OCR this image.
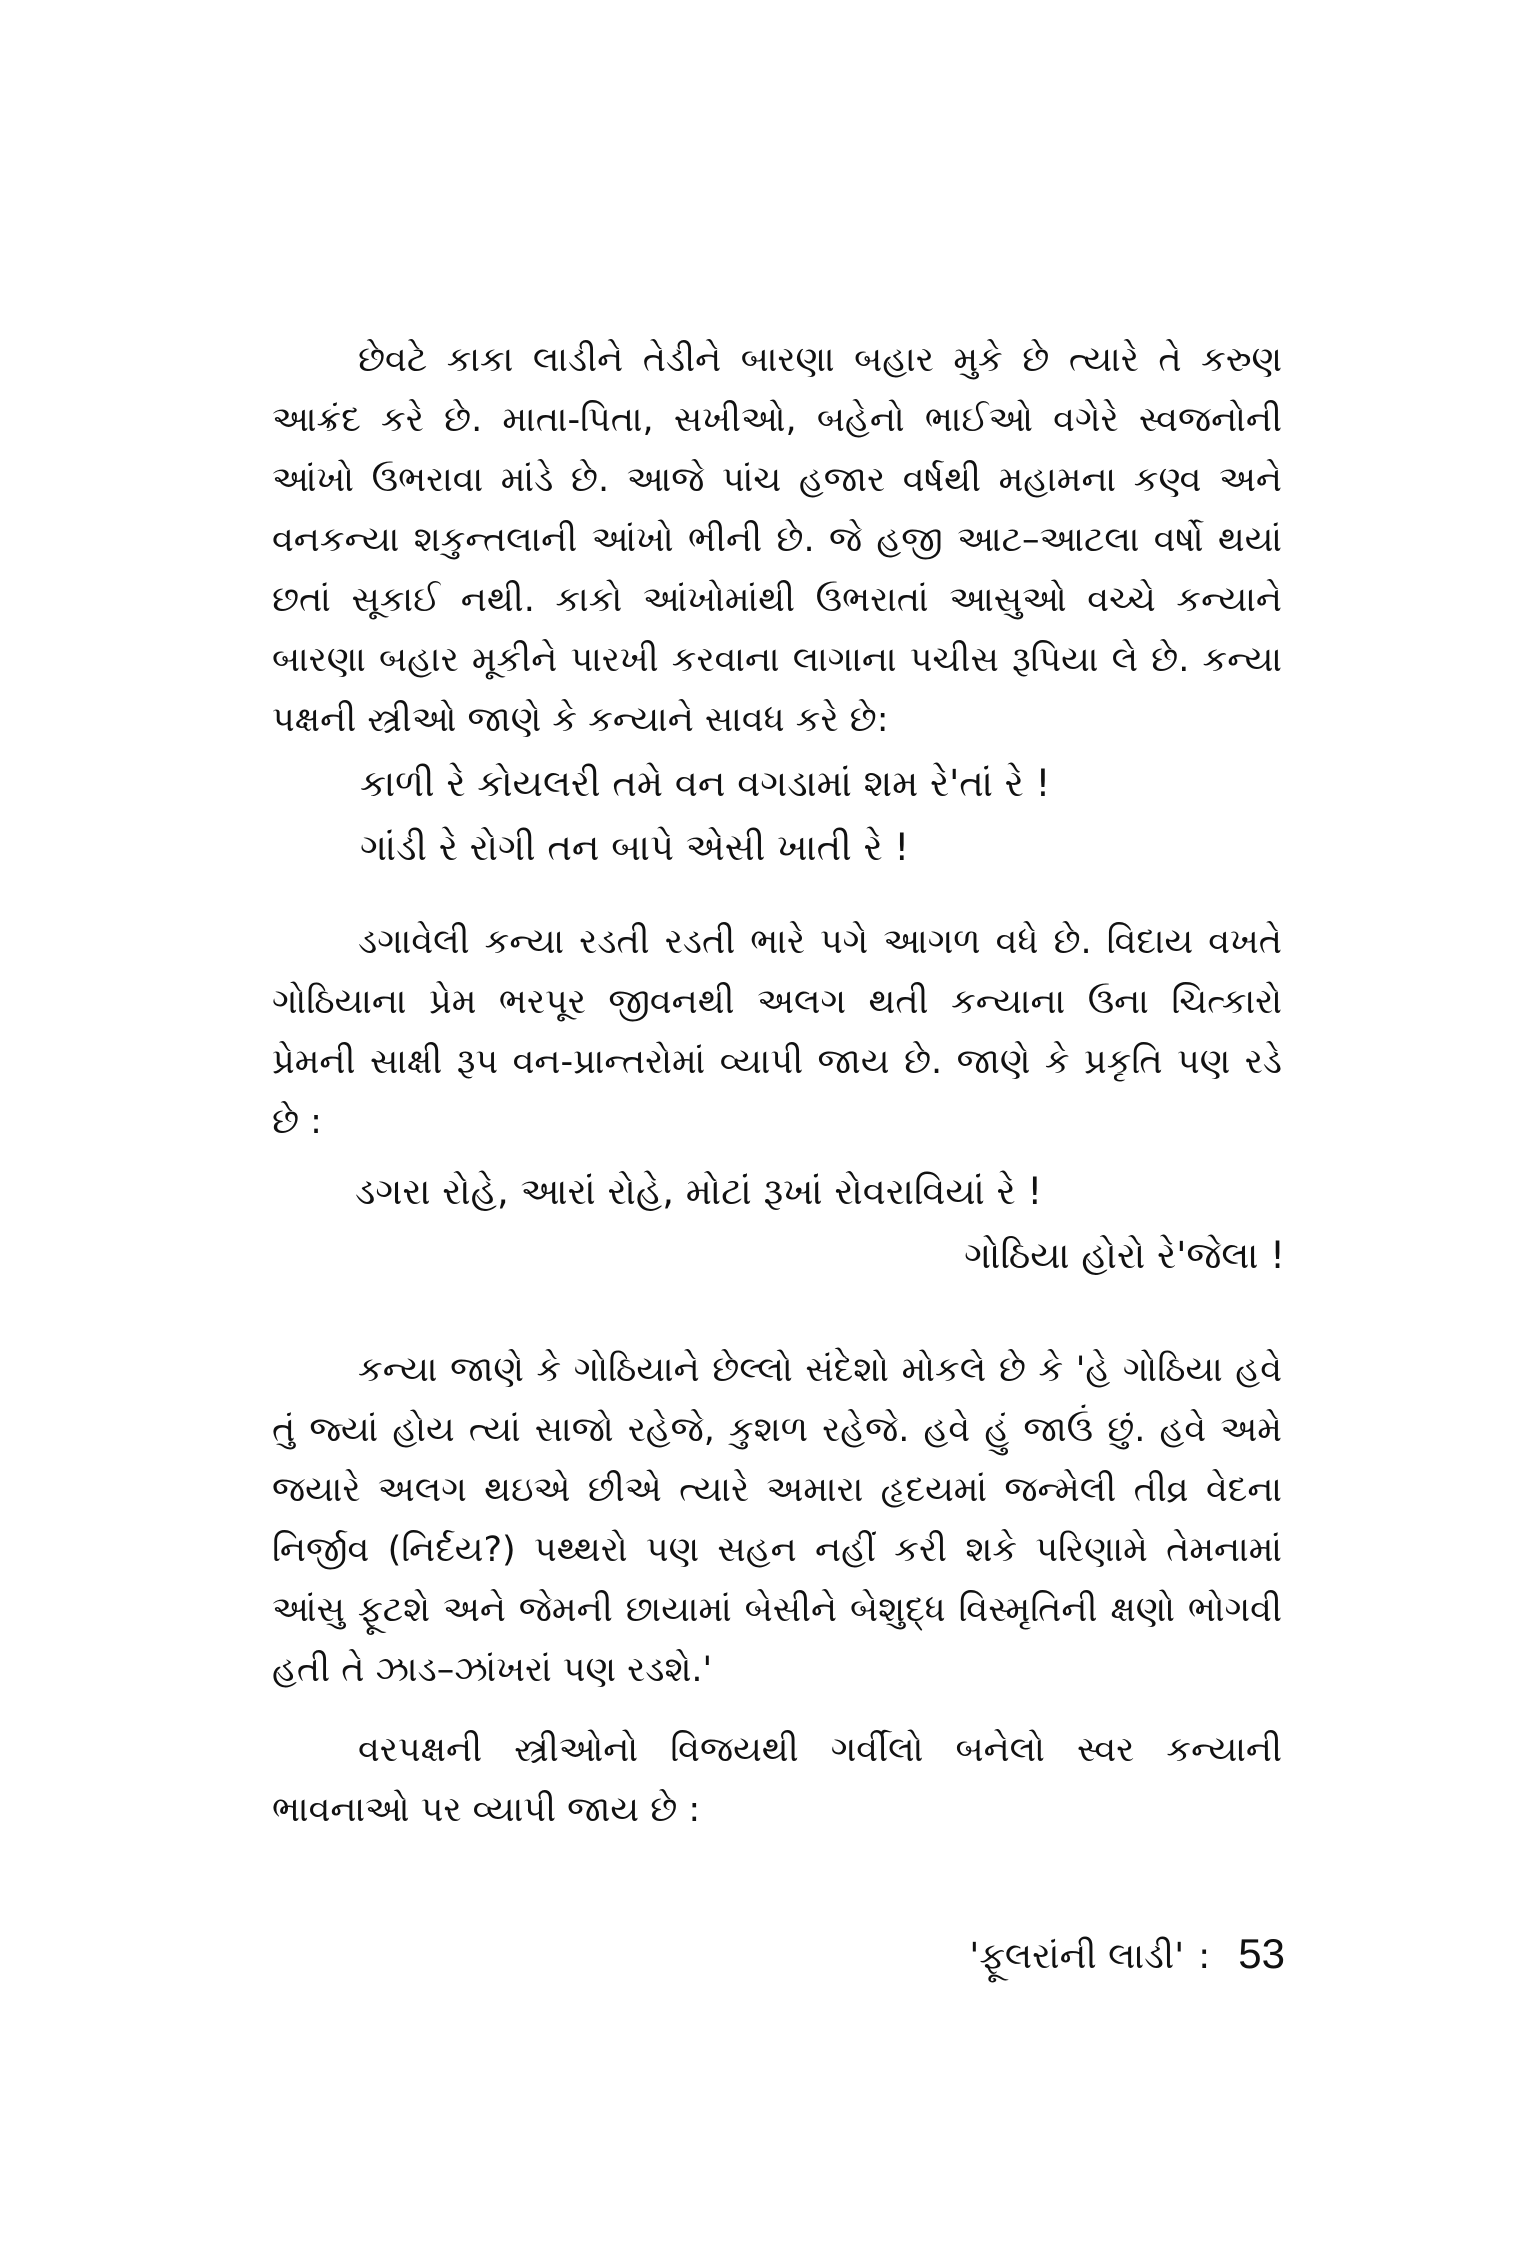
છેવટે કાકા લાડીને તેડીને બારણા બહાર મુકે છે ત્યારે તે કરુણ આક્રંદ કરે છે. માતા-પિતા, સખીઓ, બહેનો ભાઈઓ વગેરે સ્વજનોની આંખો ઉભરાવા માંડે છે. આજે પાંચ હજાર વર્ષથી મહામના કણ્વ અને વનકન્યા શકુન્તલાની આંખો ભીની છે. જે હજી આટ–આટલા વર્ષો થયાં છતાં સૂકાઈ નથી. કાકો આંખોમાંથી ઉભરાતાં આસુઓ વચ્ચે કન્યાને બારણા બહાર મૂકીને પારખી કરવાના લાગાના પચીસ રૂપિયા લે છે. કન્યા પક્ષની સ્ત્રીઓ જાણે કે કન્યાને સાવધ કરે છે:

કાળી રે કોયલરી તમે વન વગડામાં શમ રે'તાં રે !
ગાંડી રે રોગી તન બાપે એસી ખાતી રે !

ડગાવેલી કન્યા રડતી રડતી ભારે પગે આગળ વધે છે. વિદાય વખતે ગોઠિયાના પ્રેમ ભરપૂર જીવનથી અલગ થતી કન્યાના ઉના ચિત્કારો પ્રેમની સાક્ષી રૂપ વન-પ્રાન્તરોમાં વ્યાપી જાય છે. જાણે કે પ્રકૃતિ પણ રડે છે :

ડગરા રોહે, આરાં રોહે, મોટાં રૂખાં રોવરાવિયાં રે !
ગોઠિયા હોરો રે'જેલા !

કન્યા જાણે કે ગોઠિયાને છેલ્લો સંદેશો મોકલે છે કે 'હે ગોઠિયા હવે તું જ્યાં હોય ત્યાં સાજો રહેજે, કુશળ રહેજે. હવે હું જાઉં છું. હવે અમે જયારે અલગ થઇએ છીએ ત્યારે અમારા હૃદયમાં જન્મેલી તીવ્ર વેદના નિર્જીવ (નિર્દય?) પથ્થરો પણ સહન નહીં કરી શકે પરિણામે તેમનામાં આંસુ ફૂટશે અને જેમની છાયામાં બેસીને બેશુદ્ધ વિસ્મૃતિની ક્ષણો ભોગવી હતી તે ઝાડ–ઝાંખરાં પણ રડશે.'

વરપક્ષની સ્ત્રીઓનો વિજયથી ગર્વીલો બનેલો સ્વર કન્યાની ભાવનાઓ પર વ્યાપી જાય છે :

'ફૂલરાંની લાડી' : 53
